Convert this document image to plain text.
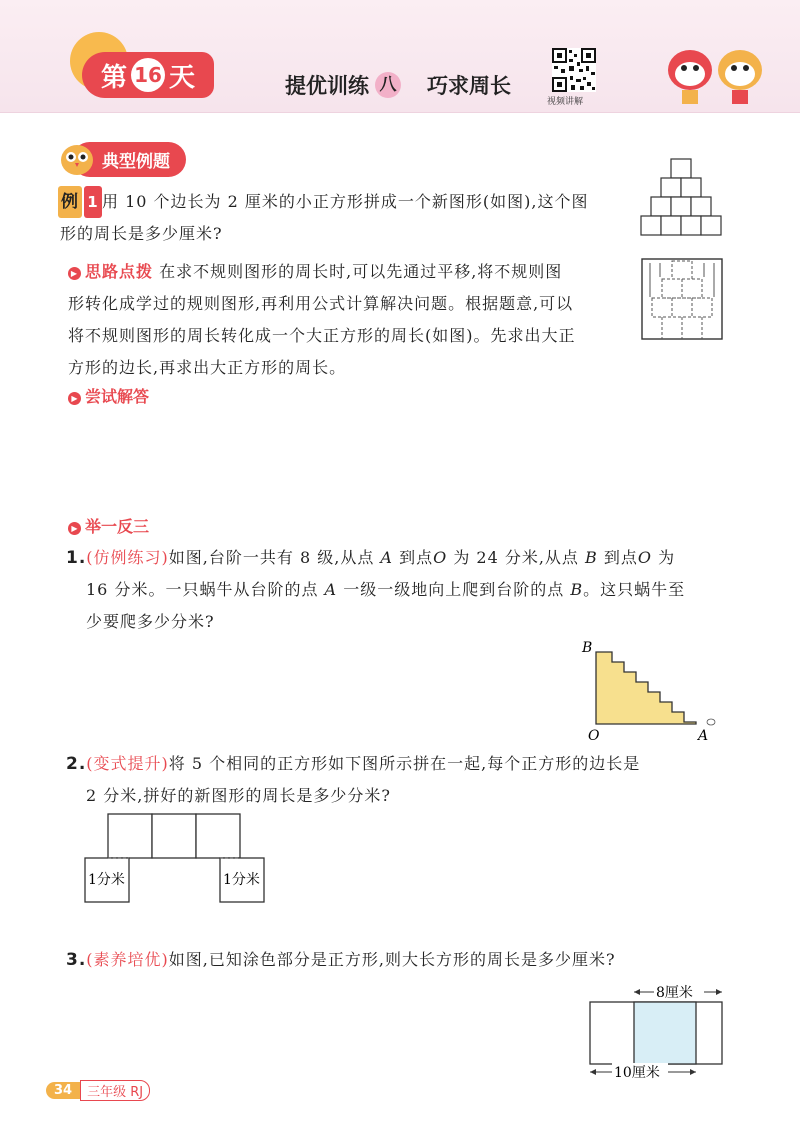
第 16 天	提优训练 八 巧求周长
视频讲解
典型例题
例 1 用 10 个边长为 2 厘米的小正方形拼成一个新图形(如图),这个图
形的周长是多少厘米?
▶ 思路点拨 在求不规则图形的周长时,可以先通过平移,将不规则图
形转化成学过的规则图形,再利用公式计算解决问题。根据题意,可以
将不规则图形的周长转化成一个大正方形的周长(如图)。先求出大正
方形的边长,再求出大正方形的周长。
▶ 尝试解答
▶ 举一反三
1.(仿例练习)如图,台阶一共有 8 级,从点 A 到点O 为 24 分米,从点 B 到点O 为
16 分米。一只蜗牛从台阶的点 A 一级一级地向上爬到台阶的点 B。这只蜗牛至
少要爬多少分米?
B
O	A
2.(变式提升)将 5 个相同的正方形如下图所示拼在一起,每个正方形的边长是
2 分米,拼好的新图形的周长是多少分米?
1分米	1分米
3.(素养培优)如图,已知涂色部分是正方形,则大长方形的周长是多少厘米?
8厘米
10厘米
34	三年级 RJ
